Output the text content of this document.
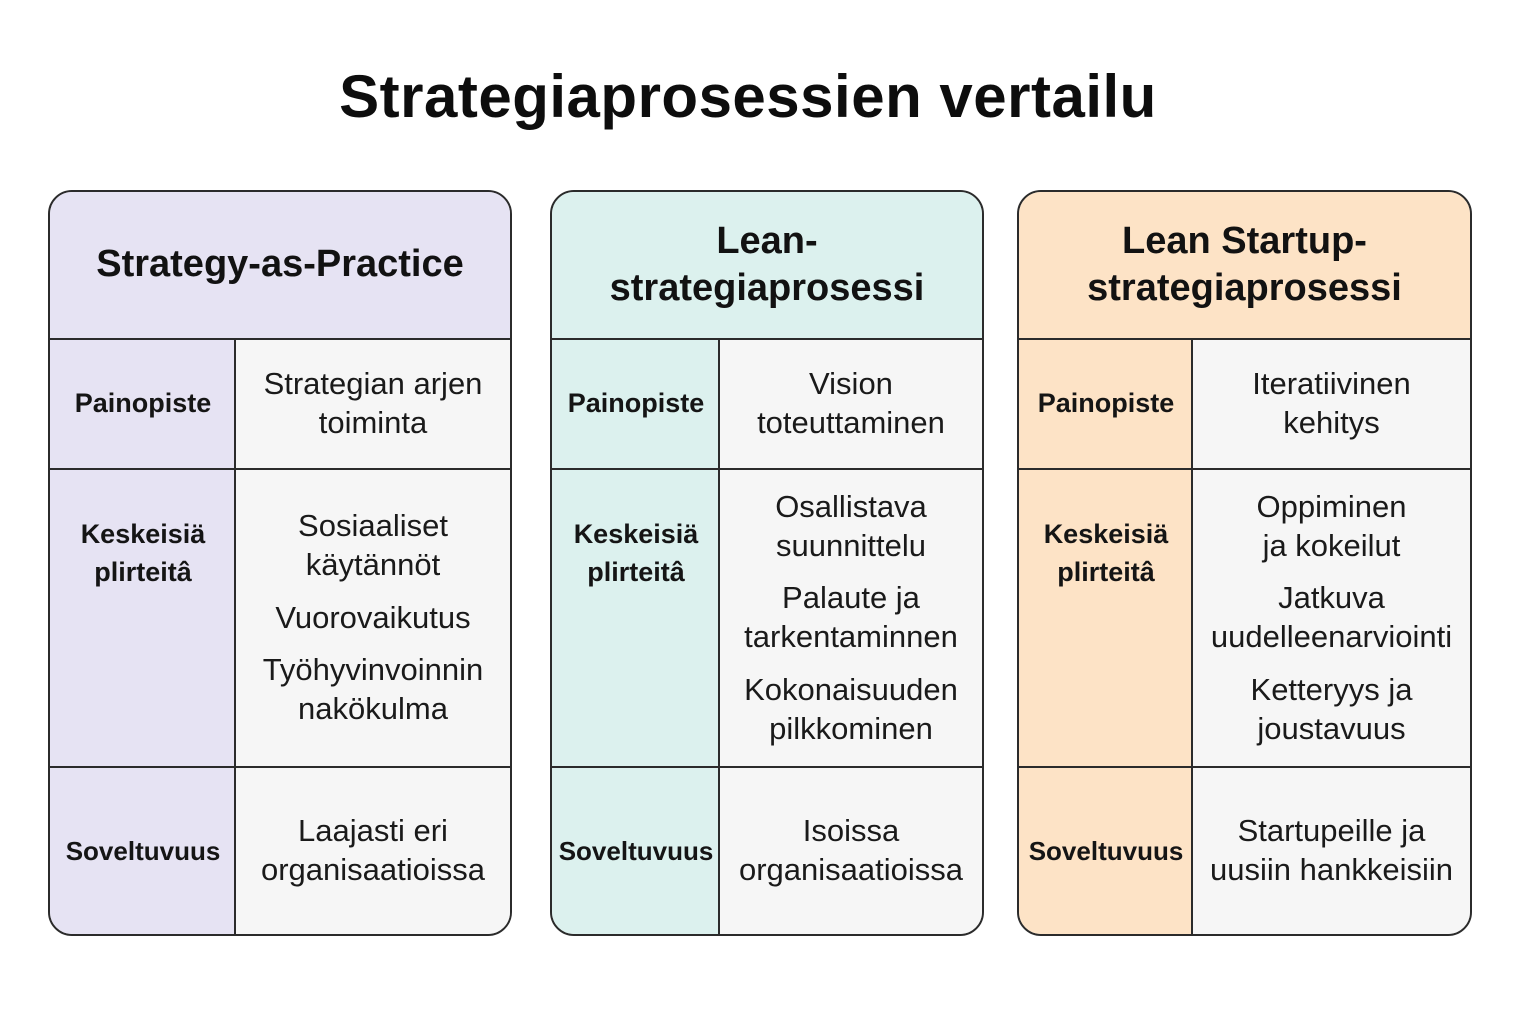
Strategiaprosessien vertailu
Strategy-as-Practice
Painopiste
Strategian arjen
toiminta
Keskeisiä
plirteitâ
Sosiaaliset
käytännöt
Vuorovaikutus
Työhyvinvoinnin
nakökulma
Soveltuvuus
Laajasti eri
organisaatioissa
Lean-
strategiaprosessi
Painopiste
Vision
toteuttaminen
Keskeisiä
plirteitâ
Osallistava
suunnittelu
Palaute ja
tarkentaminnen
Kokonaisuuden
pilkkominen
Soveltuvuus
Isoissa
organisaatioissa
Lean Startup-
strategiaprosessi
Painopiste
Iteratiivinen
kehitys
Keskeisiä
plirteitâ
Oppiminen
ja kokeilut
Jatkuva
uudelleenarviointi
Ketteryys ja
joustavuus
Soveltuvuus
Startupeille ja
uusiin hankkeisiin
